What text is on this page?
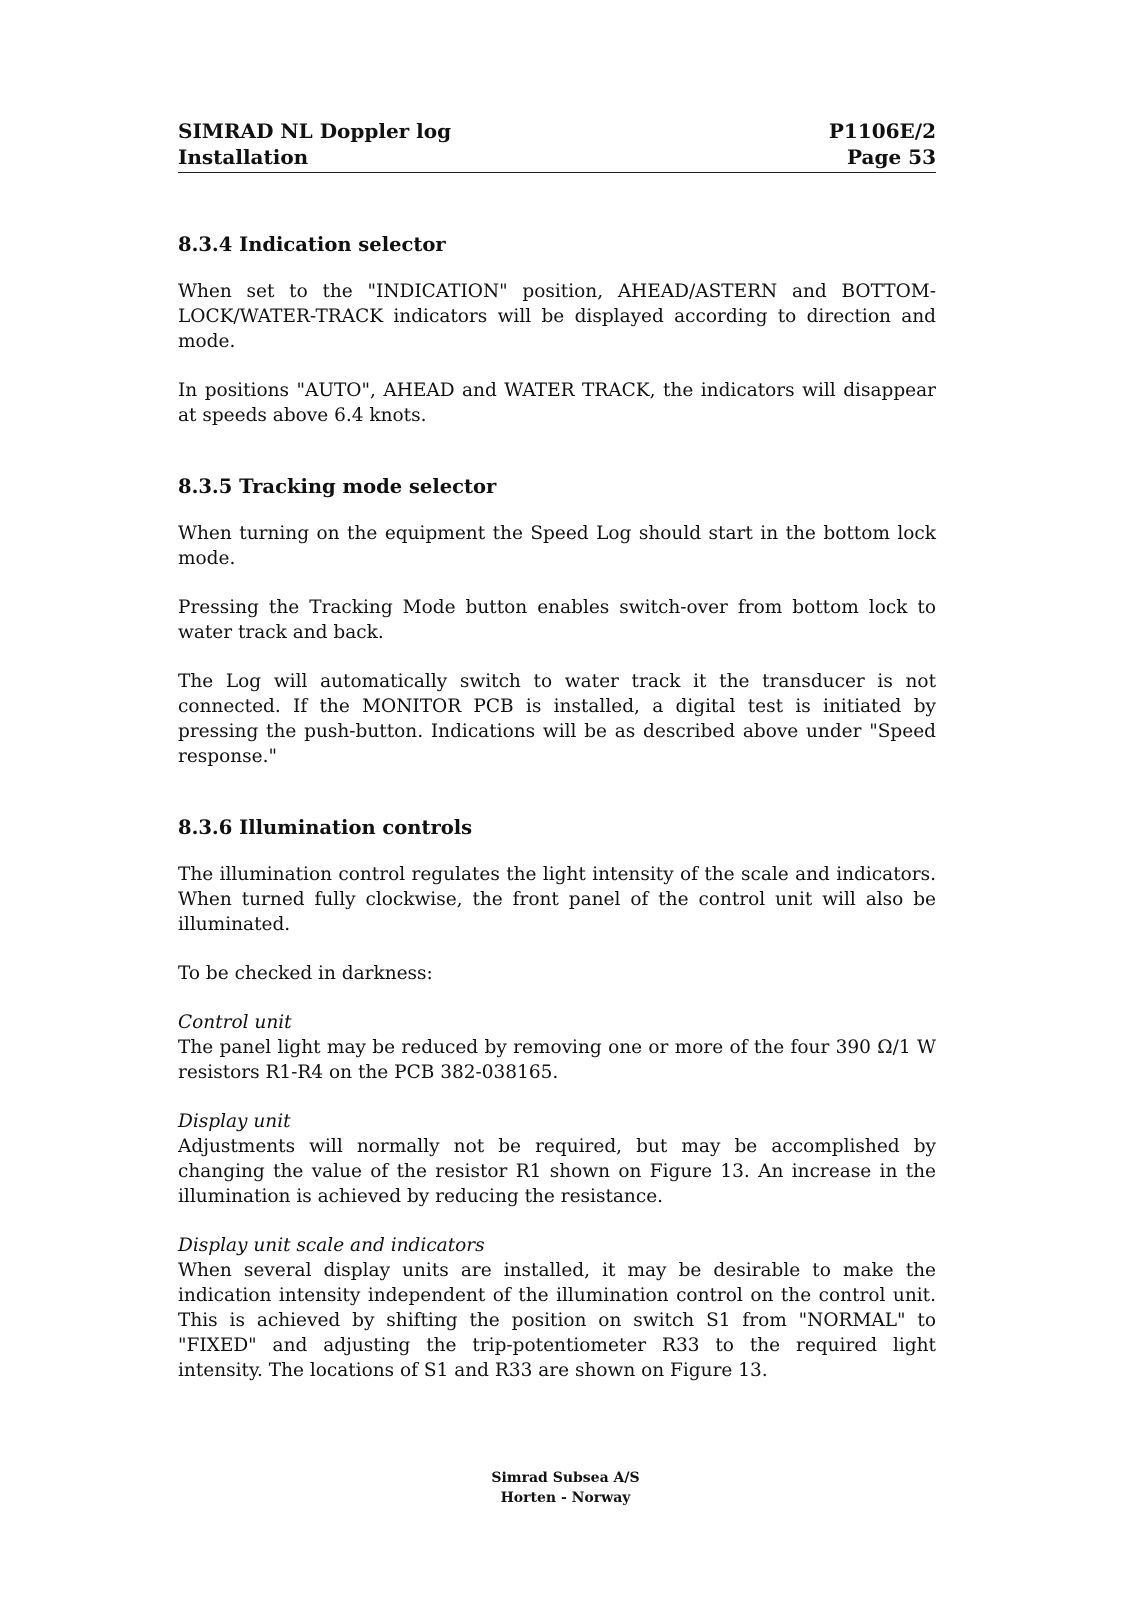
SIMRAD NL Doppler log
Installation
P1106E/2
Page 53
8.3.4 Indication selector

When set to the "INDICATION" position, AHEAD/ASTERN and BOTTOM-LOCK/WATER-TRACK indicators will be displayed according to direction and mode.

In positions "AUTO", AHEAD and WATER TRACK, the indicators will disappear at speeds above 6.4 knots.

8.3.5 Tracking mode selector

When turning on the equipment the Speed Log should start in the bottom lock mode.

Pressing the Tracking Mode button enables switch-over from bottom lock to water track and back.

The Log will automatically switch to water track it the transducer is not connected. If the MONITOR PCB is installed, a digital test is initiated by pressing the push-button. Indications will be as described above under "Speed response."

8.3.6 Illumination controls

The illumination control regulates the light intensity of the scale and indicators. When turned fully clockwise, the front panel of the control unit will also be illuminated.

To be checked in darkness:

Control unit
The panel light may be reduced by removing one or more of the four 390 Ω/1 W resistors R1-R4 on the PCB 382-038165.

Display unit
Adjustments will normally not be required, but may be accomplished by changing the value of the resistor R1 shown on Figure 13. An increase in the illumination is achieved by reducing the resistance.

Display unit scale and indicators
When several display units are installed, it may be desirable to make the indication intensity independent of the illumination control on the control unit. This is achieved by shifting the position on switch S1 from "NORMAL" to "FIXED" and adjusting the trip-potentiometer R33 to the required light intensity. The locations of S1 and R33 are shown on Figure 13.

Simrad Subsea A/S
Horten - Norway
